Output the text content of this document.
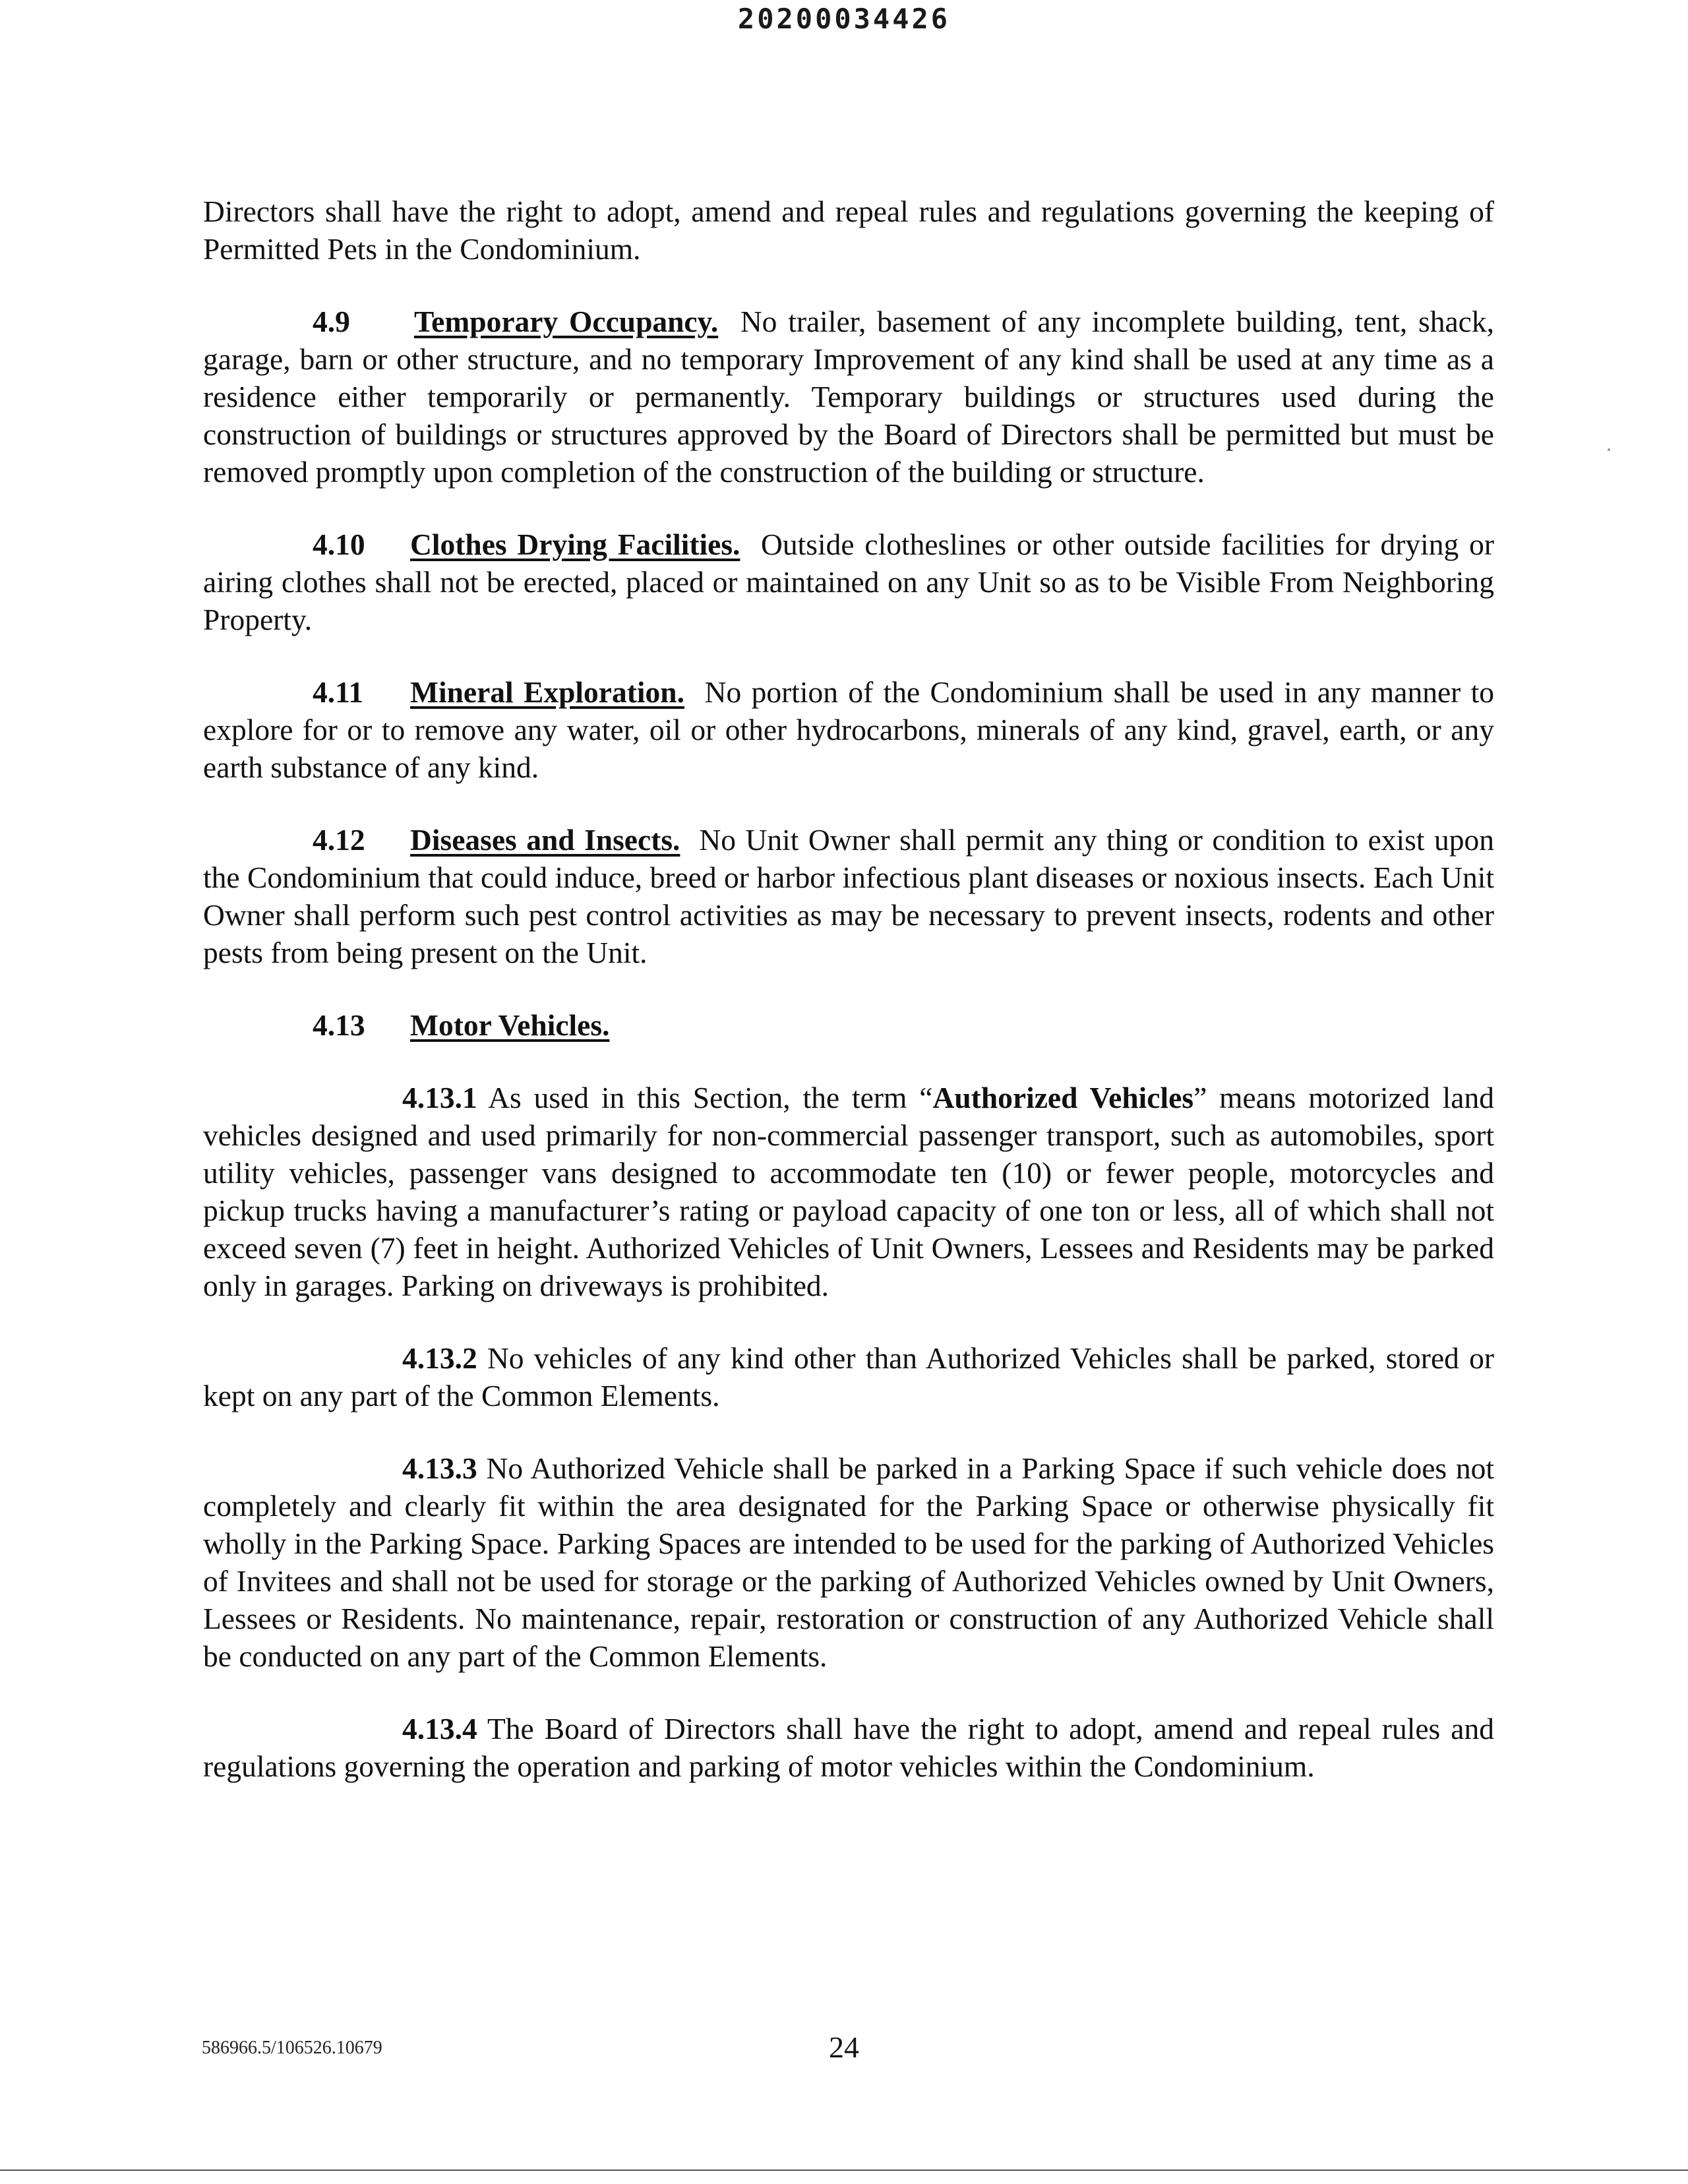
20200034426

Directors shall have the right to adopt, amend and repeal rules and regulations governing the keeping of Permitted Pets in the Condominium.

4.9 Temporary Occupancy. No trailer, basement of any incomplete building, tent, shack, garage, barn or other structure, and no temporary Improvement of any kind shall be used at any time as a residence either temporarily or permanently. Temporary buildings or structures used during the construction of buildings or structures approved by the Board of Directors shall be permitted but must be removed promptly upon completion of the construction of the building or structure.

4.10 Clothes Drying Facilities. Outside clotheslines or other outside facilities for drying or airing clothes shall not be erected, placed or maintained on any Unit so as to be Visible From Neighboring Property.

4.11 Mineral Exploration. No portion of the Condominium shall be used in any manner to explore for or to remove any water, oil or other hydrocarbons, minerals of any kind, gravel, earth, or any earth substance of any kind.

4.12 Diseases and Insects. No Unit Owner shall permit any thing or condition to exist upon the Condominium that could induce, breed or harbor infectious plant diseases or noxious insects. Each Unit Owner shall perform such pest control activities as may be necessary to prevent insects, rodents and other pests from being present on the Unit.

4.13 Motor Vehicles.

4.13.1 As used in this Section, the term “Authorized Vehicles” means motorized land vehicles designed and used primarily for non-commercial passenger transport, such as automobiles, sport utility vehicles, passenger vans designed to accommodate ten (10) or fewer people, motorcycles and pickup trucks having a manufacturer’s rating or payload capacity of one ton or less, all of which shall not exceed seven (7) feet in height. Authorized Vehicles of Unit Owners, Lessees and Residents may be parked only in garages. Parking on driveways is prohibited.

4.13.2 No vehicles of any kind other than Authorized Vehicles shall be parked, stored or kept on any part of the Common Elements.

4.13.3 No Authorized Vehicle shall be parked in a Parking Space if such vehicle does not completely and clearly fit within the area designated for the Parking Space or otherwise physically fit wholly in the Parking Space. Parking Spaces are intended to be used for the parking of Authorized Vehicles of Invitees and shall not be used for storage or the parking of Authorized Vehicles owned by Unit Owners, Lessees or Residents. No maintenance, repair, restoration or construction of any Authorized Vehicle shall be conducted on any part of the Common Elements.

4.13.4 The Board of Directors shall have the right to adopt, amend and repeal rules and regulations governing the operation and parking of motor vehicles within the Condominium.

586966.5/106526.10679	24
